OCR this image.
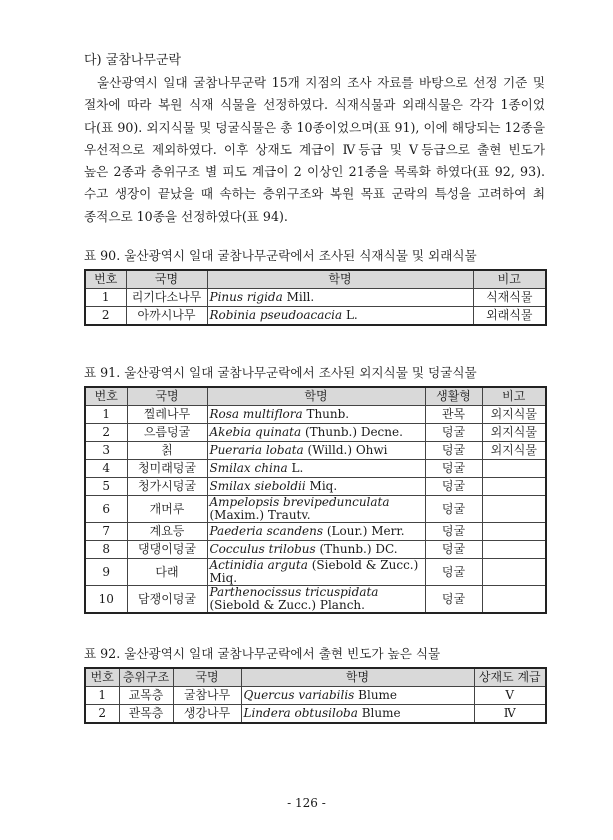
다) 굴참나무군락
울산광역시 일대 굴참나무군락 15개 지점의 조사 자료를 바탕으로 선정 기준 및
절차에 따라 복원 식재 식물을 선정하였다. 식재식물과 외래식물은 각각 1종이었
다(표 90). 외지식물 및 덩굴식물은 총 10종이었으며(표 91), 이에 해당되는 12종을
우선적으로 제외하였다. 이후 상재도 계급이 Ⅳ등급 및 Ⅴ등급으로 출현 빈도가
높은 2종과 층위구조 별 피도 계급이 2 이상인 21종을 목록화 하였다(표 92, 93).
수고 생장이 끝났을 때 속하는 층위구조와 복원 목표 군락의 특성을 고려하여 최
종적으로 10종을 선정하였다(표 94).
표 90. 울산광역시 일대 굴참나무군락에서 조사된 식재식물 및 외래식물
번호	국명	학명	비고
1	리기다소나무	Pinus rigida Mill.	식재식물
2	아까시나무	Robinia pseudoacacia L.	외래식물
표 91. 울산광역시 일대 굴참나무군락에서 조사된 외지식물 및 덩굴식물
번호	국명	학명	생활형	비고
1	찔레나무	Rosa multiflora Thunb.	관목	외지식물
2	으름덩굴	Akebia quinata (Thunb.) Decne.	덩굴	외지식물
3	칡	Pueraria lobata (Willd.) Ohwi	덩굴	외지식물
4	청미래덩굴	Smilax china L.	덩굴	
5	청가시덩굴	Smilax sieboldii Miq.	덩굴	
6	개머루	Ampelopsis brevipedunculata (Maxim.) Trautv.	덩굴	
7	계요등	Paederia scandens (Lour.) Merr.	덩굴	
8	댕댕이덩굴	Cocculus trilobus (Thunb.) DC.	덩굴	
9	다래	Actinidia arguta (Siebold & Zucc.) Miq.	덩굴	
10	담쟁이덩굴	Parthenocissus tricuspidata (Siebold & Zucc.) Planch.	덩굴	
표 92. 울산광역시 일대 굴참나무군락에서 출현 빈도가 높은 식물
번호	층위구조	국명	학명	상재도 계급
1	교목층	굴참나무	Quercus variabilis Blume	Ⅴ
2	관목층	생강나무	Lindera obtusiloba Blume	Ⅳ
- 126 -
